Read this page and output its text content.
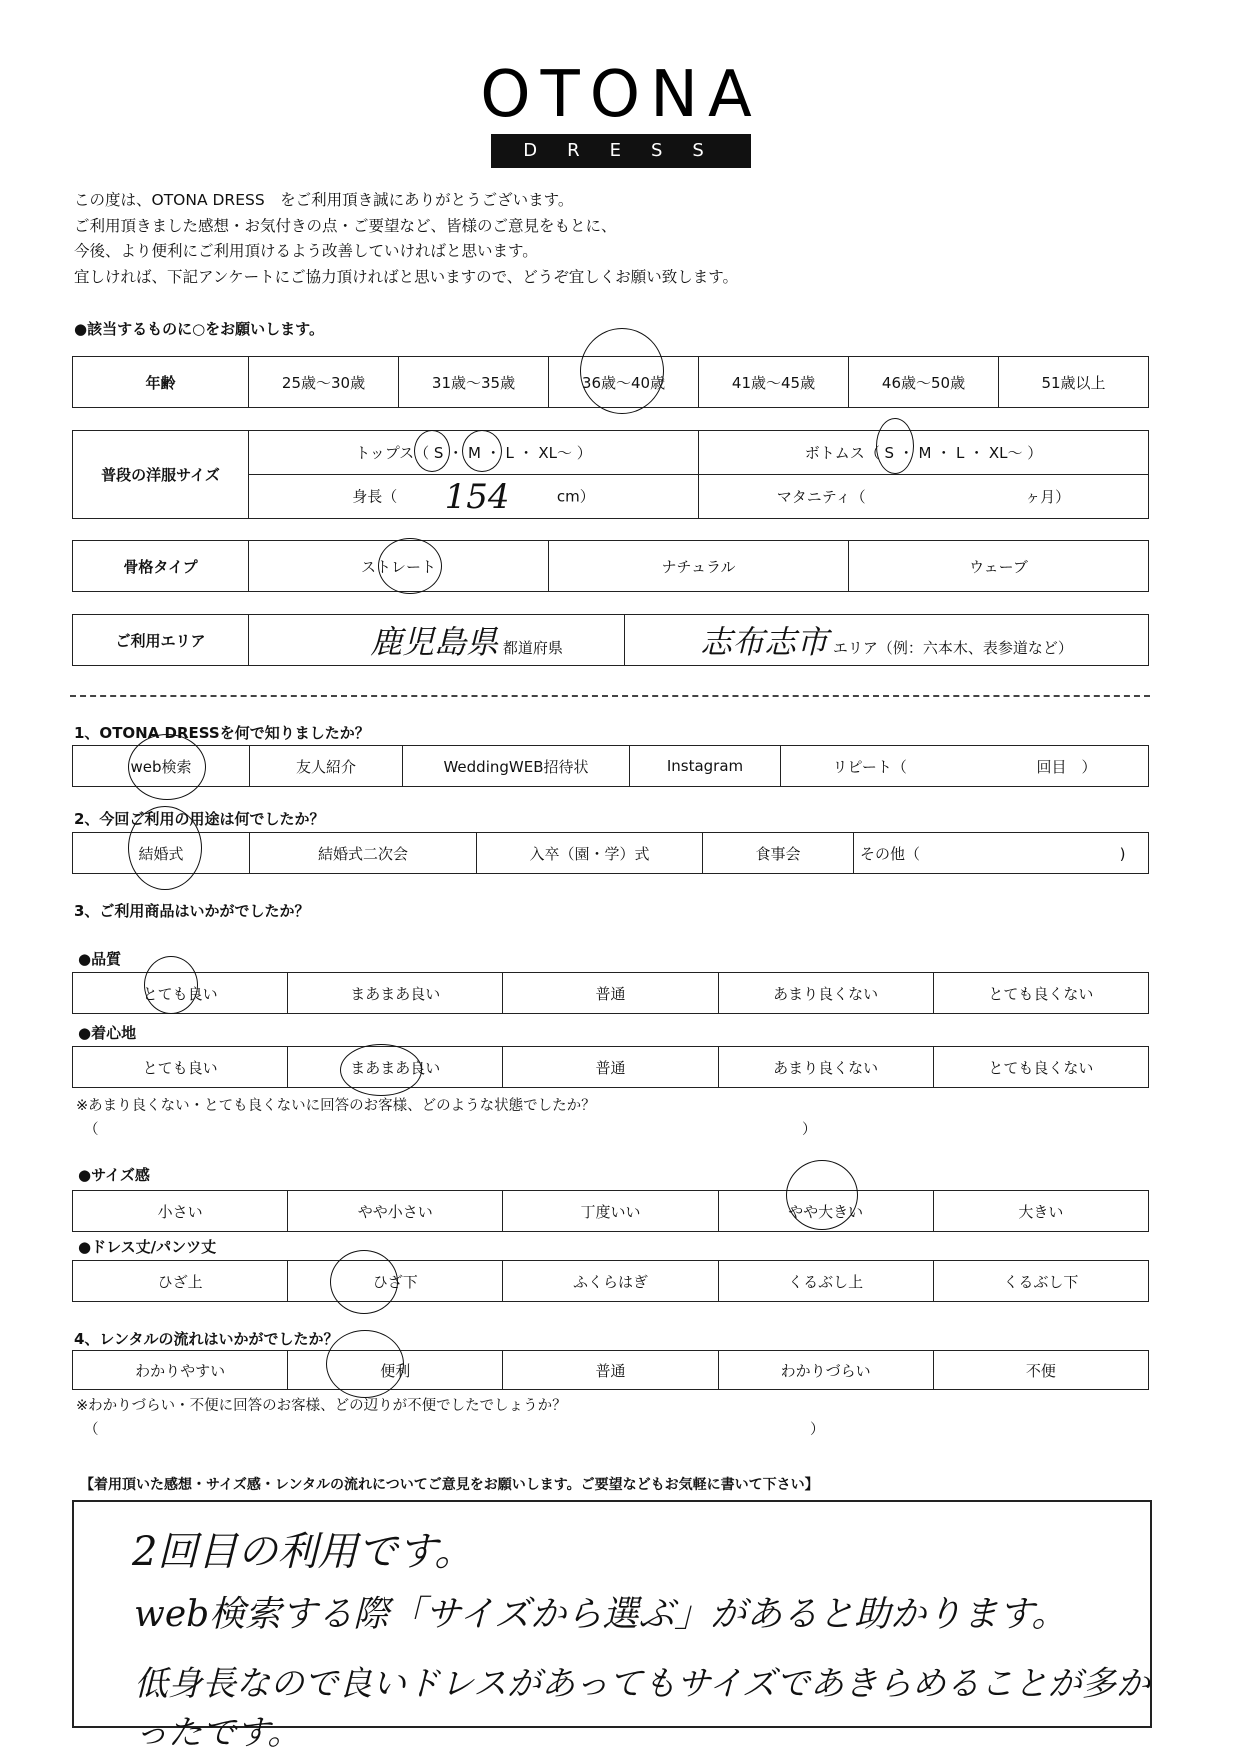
OTONA
DRESS
この度は、OTONA DRESS　をご利用頂き誠にありがとうございます。
ご利用頂きました感想・お気付きの点・ご要望など、皆様のご意見をもとに、
今後、より便利にご利用頂けるよう改善していければと思います。
宜しければ、下記アンケートにご協力頂ければと思いますので、どうぞ宜しくお願い致します。
●該当するものに○をお願いします。
年齢	25歳〜30歳	31歳〜35歳	36歳〜40歳	41歳〜45歳	46歳〜50歳	51歳以上
普段の洋服サイズ	トップス（ S ・ M ・ L ・ XL〜 ）	ボトムス（ S ・ M ・ L ・ XL〜 ）
	身長（ 154 cm）	マタニティ（ ヶ月）
骨格タイプ	ストレート	ナチュラル	ウェーブ
ご利用エリア	鹿児島県 都道府県	志布志市 エリア（例：六本木、表参道など）
1、OTONA DRESSを何で知りましたか？
web検索	友人紹介	WeddingWEB招待状	Instagram	リピート（	回目　）
2、今回ご利用の用途は何でしたか？
結婚式	結婚式二次会	入卒（園・学）式	食事会	その他（	)
3、ご利用商品はいかがでしたか？
●品質
とても良い	まあまあ良い	普通	あまり良くない	とても良くない
●着心地
とても良い	まあまあ良い	普通	あまり良くない	とても良くない
※あまり良くない・とても良くないに回答のお客様、どのような状態でしたか？
（	）
●サイズ感
小さい	やや小さい	丁度いい	やや大きい	大きい
●ドレス丈/パンツ丈
ひざ上	ひざ下	ふくらはぎ	くるぶし上	くるぶし下
4、レンタルの流れはいかがでしたか？
わかりやすい	便利	普通	わかりづらい	不便
※わかりづらい・不便に回答のお客様、どの辺りが不便でしたでしょうか？
（	）
【着用頂いた感想・サイズ感・レンタルの流れについてご意見をお願いします。ご要望などもお気軽に書いて下さい】
2回目の利用です。
web検索する際「サイズから選ぶ」があると助かります。
低身長なので良いドレスがあってもサイズであきらめることが多かったです。
